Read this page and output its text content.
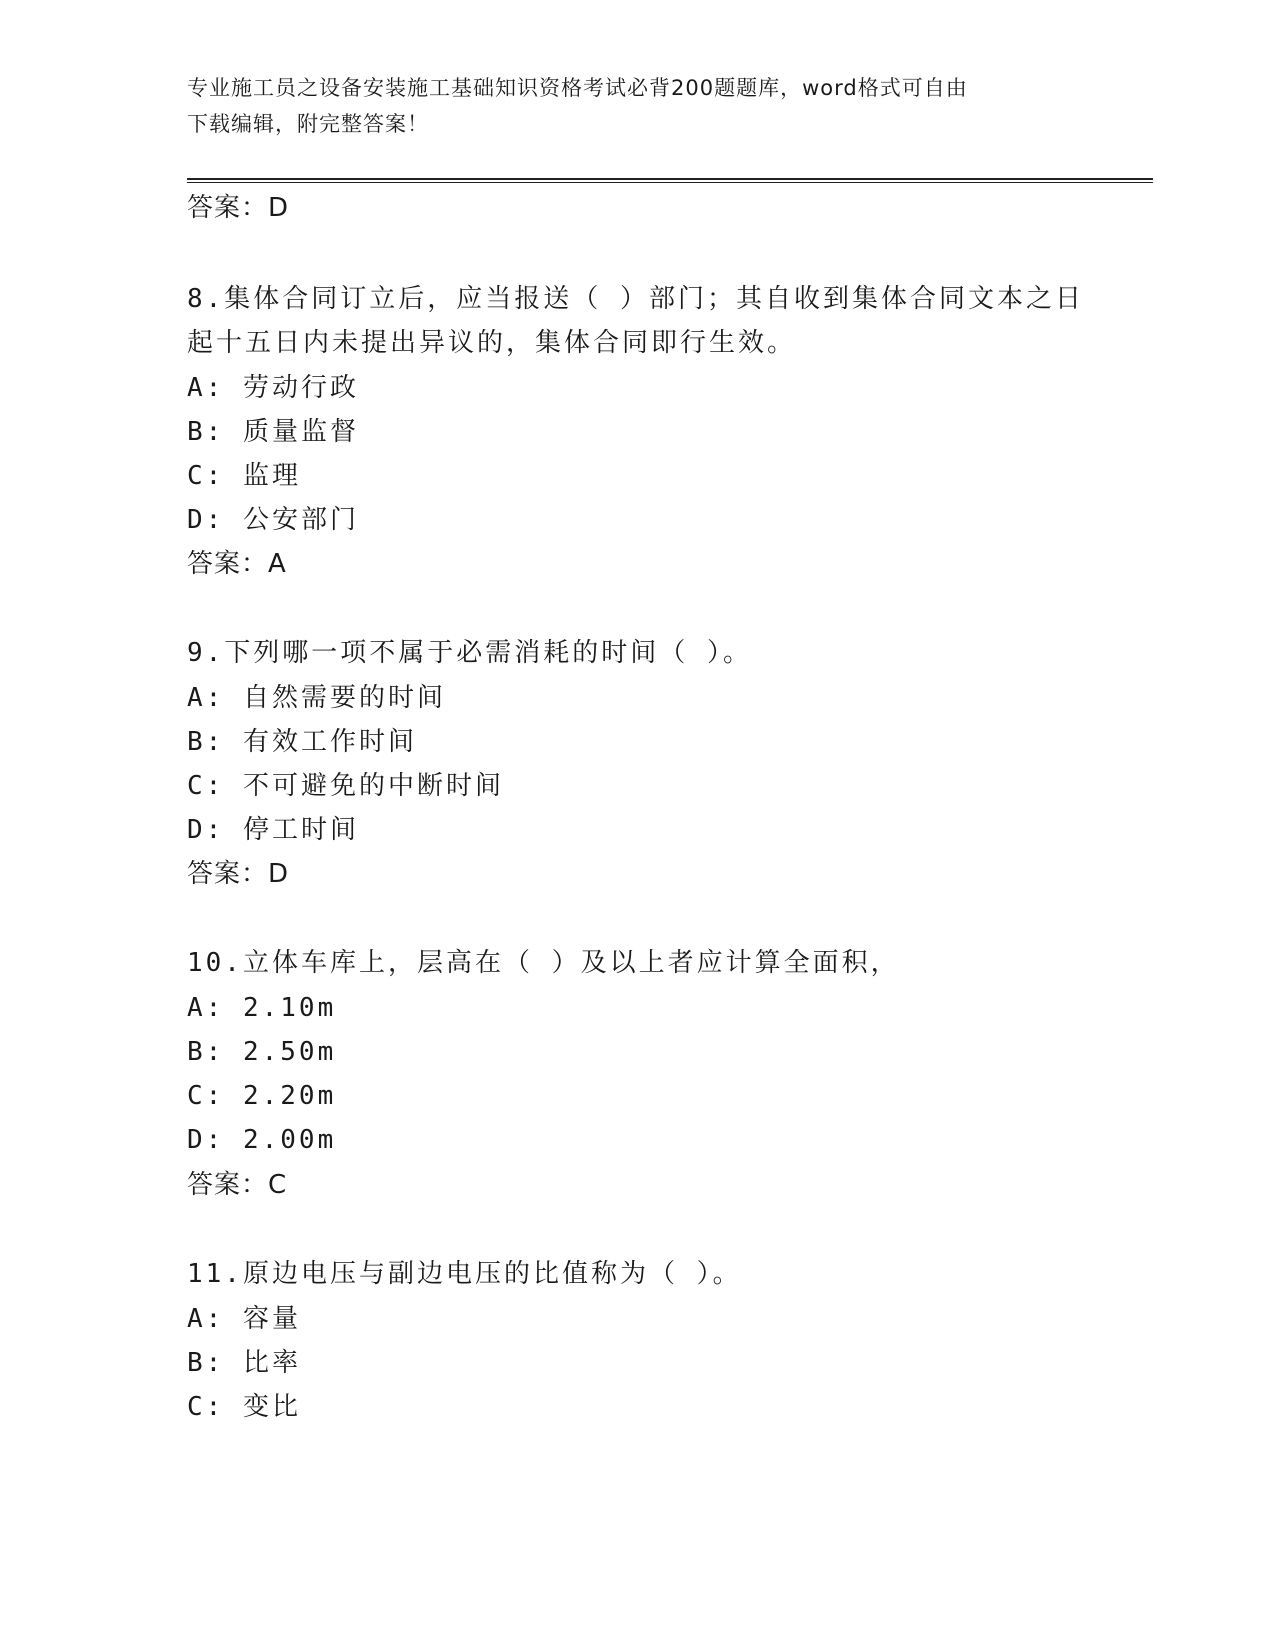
专业施工员之设备安装施工基础知识资格考试必背200题题库，word格式可自由
下载编辑，附完整答案！
答案：D
8.集体合同订立后，应当报送（ ）部门；其自收到集体合同文本之日
起十五日内未提出异议的，集体合同即行生效。
A: 劳动行政
B: 质量监督
C: 监理
D: 公安部门
答案：A
9.下列哪一项不属于必需消耗的时间（ ）。
A: 自然需要的时间
B: 有效工作时间
C: 不可避免的中断时间
D: 停工时间
答案：D
10.立体车库上，层高在（ ）及以上者应计算全面积，
A: 2.10m
B: 2.50m
C: 2.20m
D: 2.00m
答案：C
11.原边电压与副边电压的比值称为（ ）。
A: 容量
B: 比率
C: 变比
